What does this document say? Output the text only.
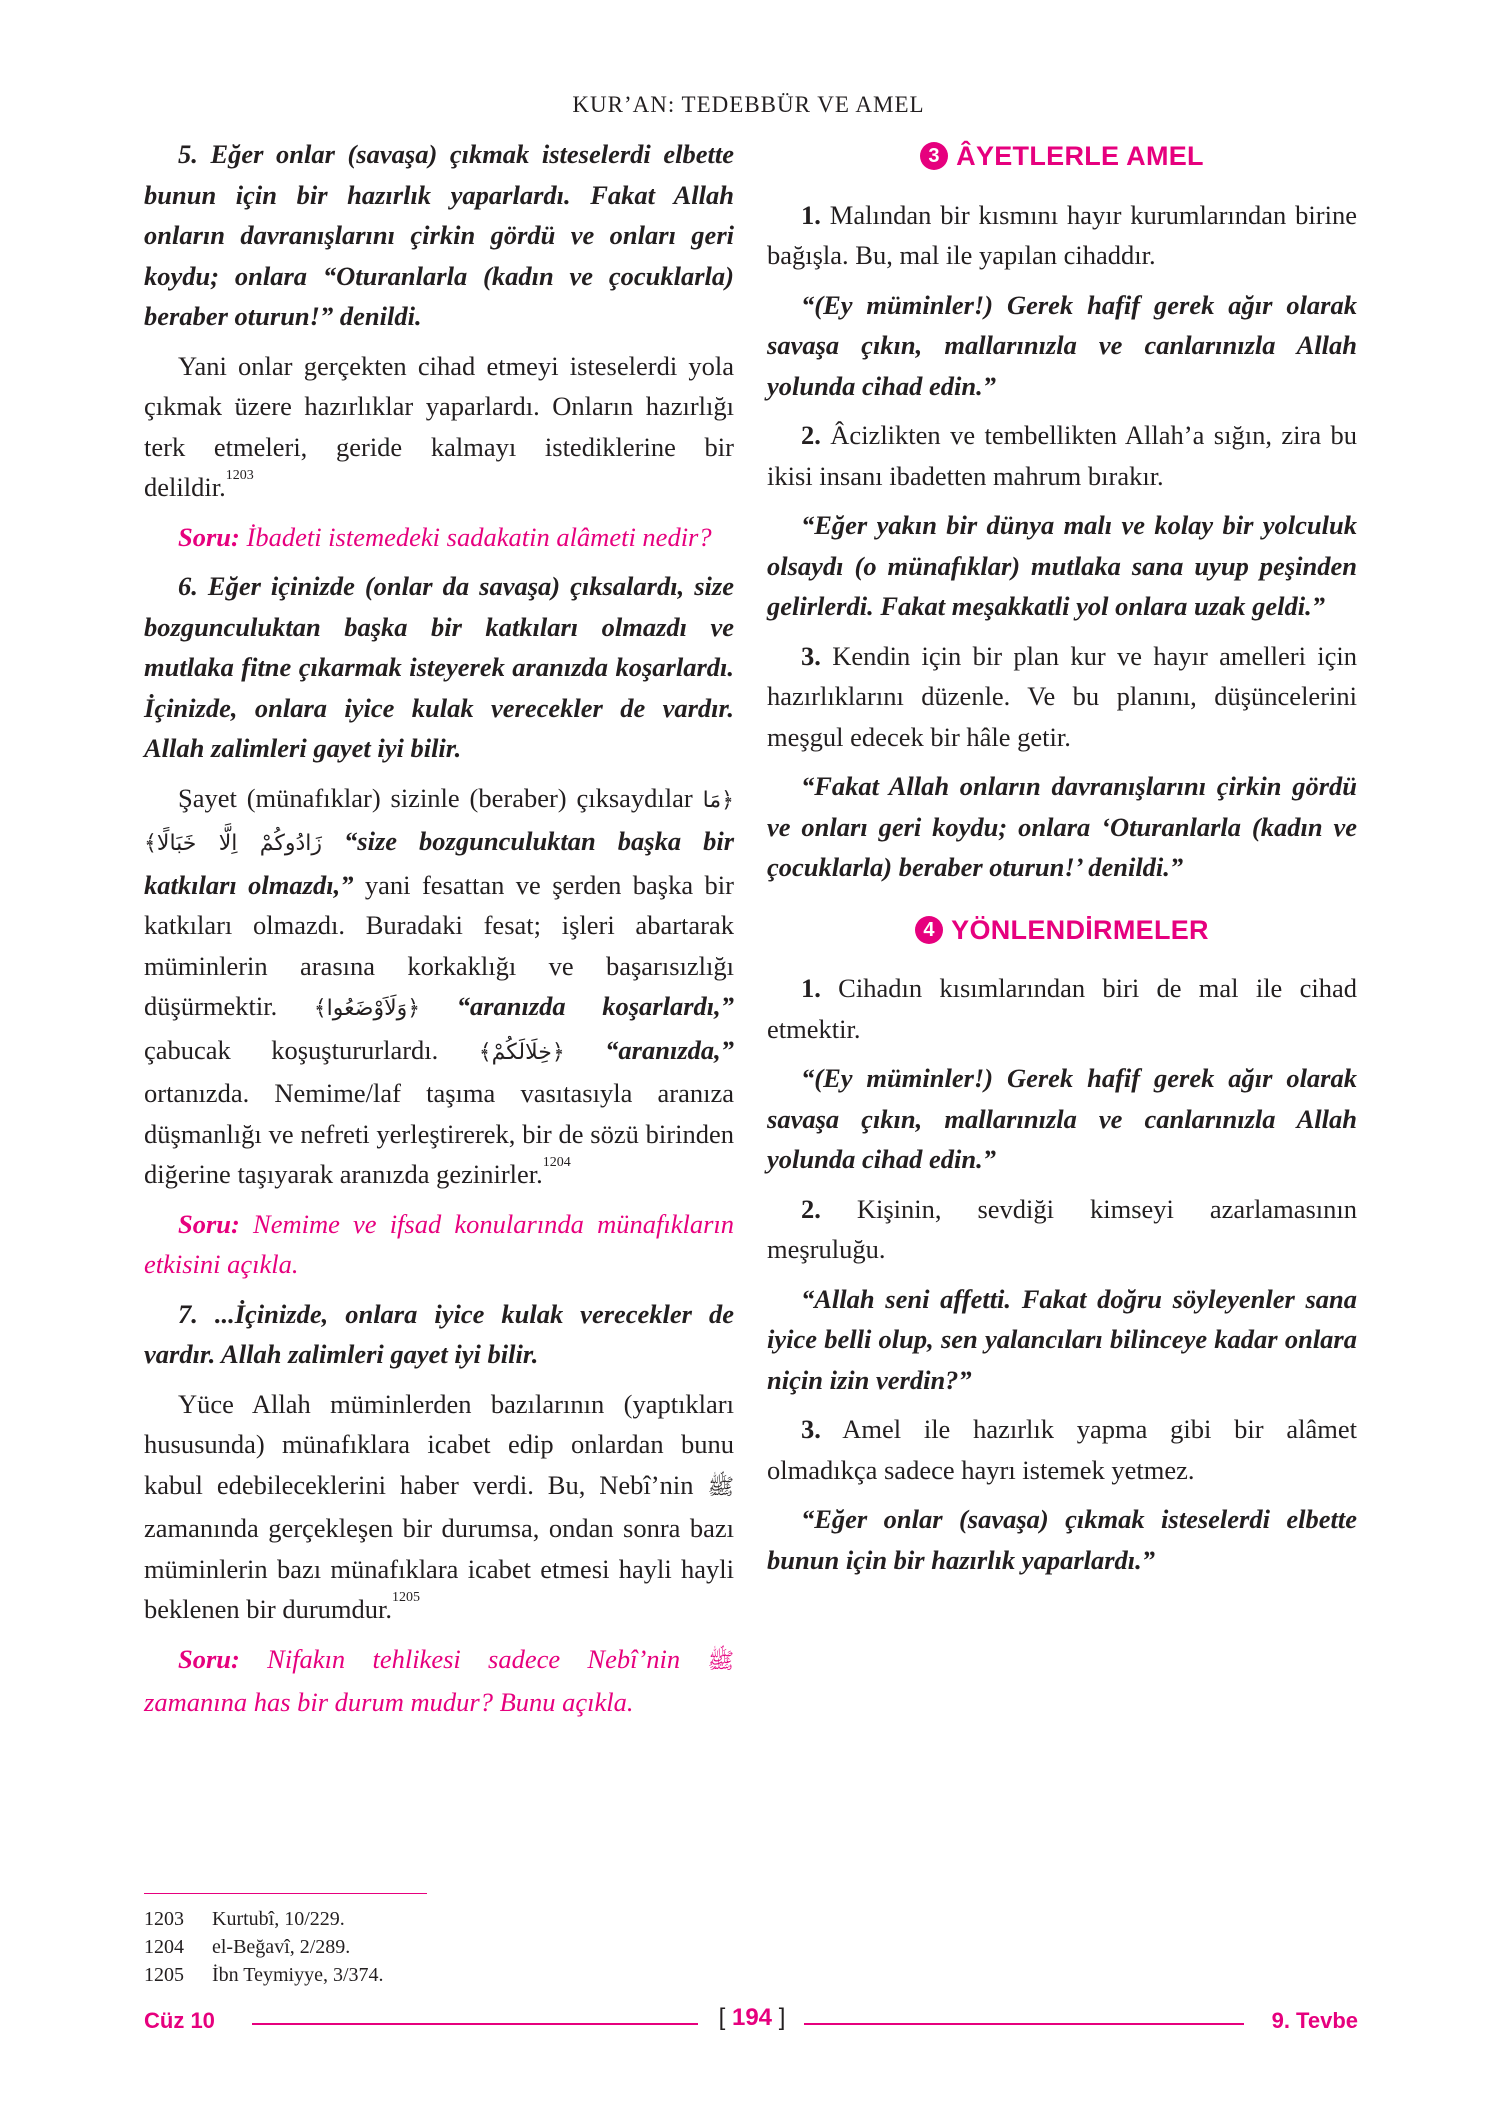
KUR’AN: TEDEBBÜR VE AMEL

5. Eğer onlar (savaşa) çıkmak isteselerdi elbette bunun için bir hazırlık yaparlardı. Fakat Allah onların davranışlarını çirkin gördü ve onları geri koydu; onlara “Oturanlarla (kadın ve çocuklarla) beraber oturun!” denildi.

Yani onlar gerçekten cihad etmeyi isteselerdi yola çıkmak üzere hazırlıklar yaparlardı. Onların hazırlığı terk etmeleri, geride kalmayı istediklerine bir delildir.$^{1203}$

Soru: İbadeti istemedeki sadakatin alâmeti nedir?

6. Eğer içinizde (onlar da savaşa) çıksalardı, size bozgunculuktan başka bir katkıları olmazdı ve mutlaka fitne çıkarmak isteyerek aranızda koşarlardı. İçinizde, onlara iyice kulak verecekler de vardır. Allah zalimleri gayet iyi bilir.

Şayet (münafıklar) sizinle (beraber) çıksaydılar ﴿مَا زَادُوكُمْ اِلَّا خَبَالًا﴾ “size bozgunculuktan başka bir katkıları olmazdı,” yani fesattan ve şerden başka bir katkıları olmazdı. Buradaki fesat; işleri abartarak müminlerin arasına korkaklığı ve başarısızlığı düşürmektir. ﴿وَلَاَوْضَعُوا﴾ “aranızda koşarlardı,” çabucak koşuştururlardı. ﴿خِلَالَكُمْ﴾ “aranızda,” ortanızda. Nemime/laf taşıma vasıtasıyla aranıza düşmanlığı ve nefreti yerleştirerek, bir de sözü birinden diğerine taşıyarak aranızda gezinirler.$^{1204}$

Soru: Nemime ve ifsad konularında münafıkların etkisini açıkla.

7. ...İçinizde, onlara iyice kulak verecekler de vardır. Allah zalimleri gayet iyi bilir.

Yüce Allah müminlerden bazılarının (yaptıkları hususunda) münafıklara icabet edip onlardan bunu kabul edebileceklerini haber verdi. Bu, Nebî’nin ﷺ zamanında gerçekleşen bir durumsa, ondan sonra bazı müminlerin bazı münafıklara icabet etmesi hayli hayli beklenen bir durumdur.$^{1205}$

Soru: Nifakın tehlikesi sadece Nebî’nin ﷺ zamanına has bir durum mudur? Bunu açıkla.

3 ÂYETLERLE AMEL

1. Malından bir kısmını hayır kurumlarından birine bağışla. Bu, mal ile yapılan cihaddır.

“(Ey müminler!) Gerek hafif gerek ağır olarak savaşa çıkın, mallarınızla ve canlarınızla Allah yolunda cihad edin.”

2. Âcizlikten ve tembellikten Allah’a sığın, zira bu ikisi insanı ibadetten mahrum bırakır.

“Eğer yakın bir dünya malı ve kolay bir yolculuk olsaydı (o münafıklar) mutlaka sana uyup peşinden gelirlerdi. Fakat meşakkatli yol onlara uzak geldi.”

3. Kendin için bir plan kur ve hayır amelleri için hazırlıklarını düzenle. Ve bu planını, düşüncelerini meşgul edecek bir hâle getir.

“Fakat Allah onların davranışlarını çirkin gördü ve onları geri koydu; onlara ‘Oturanlarla (kadın ve çocuklarla) beraber oturun!’ denildi.”

4 YÖNLENDİRMELER

1. Cihadın kısımlarından biri de mal ile cihad etmektir.

“(Ey müminler!) Gerek hafif gerek ağır olarak savaşa çıkın, mallarınızla ve canlarınızla Allah yolunda cihad edin.”

2. Kişinin, sevdiği kimseyi azarlamasının meşruluğu.

“Allah seni affetti. Fakat doğru söyleyenler sana iyice belli olup, sen yalancıları bilinceye kadar onlara niçin izin verdin?”

3. Amel ile hazırlık yapma gibi bir alâmet olmadıkça sadece hayrı istemek yetmez.

“Eğer onlar (savaşa) çıkmak isteselerdi elbette bunun için bir hazırlık yaparlardı.”

1203	Kurtubî, 10/229.
1204	el-Beğavî, 2/289.
1205	İbn Teymiyye, 3/374.
Cüz 10	[ 194 ]	9. Tevbe
